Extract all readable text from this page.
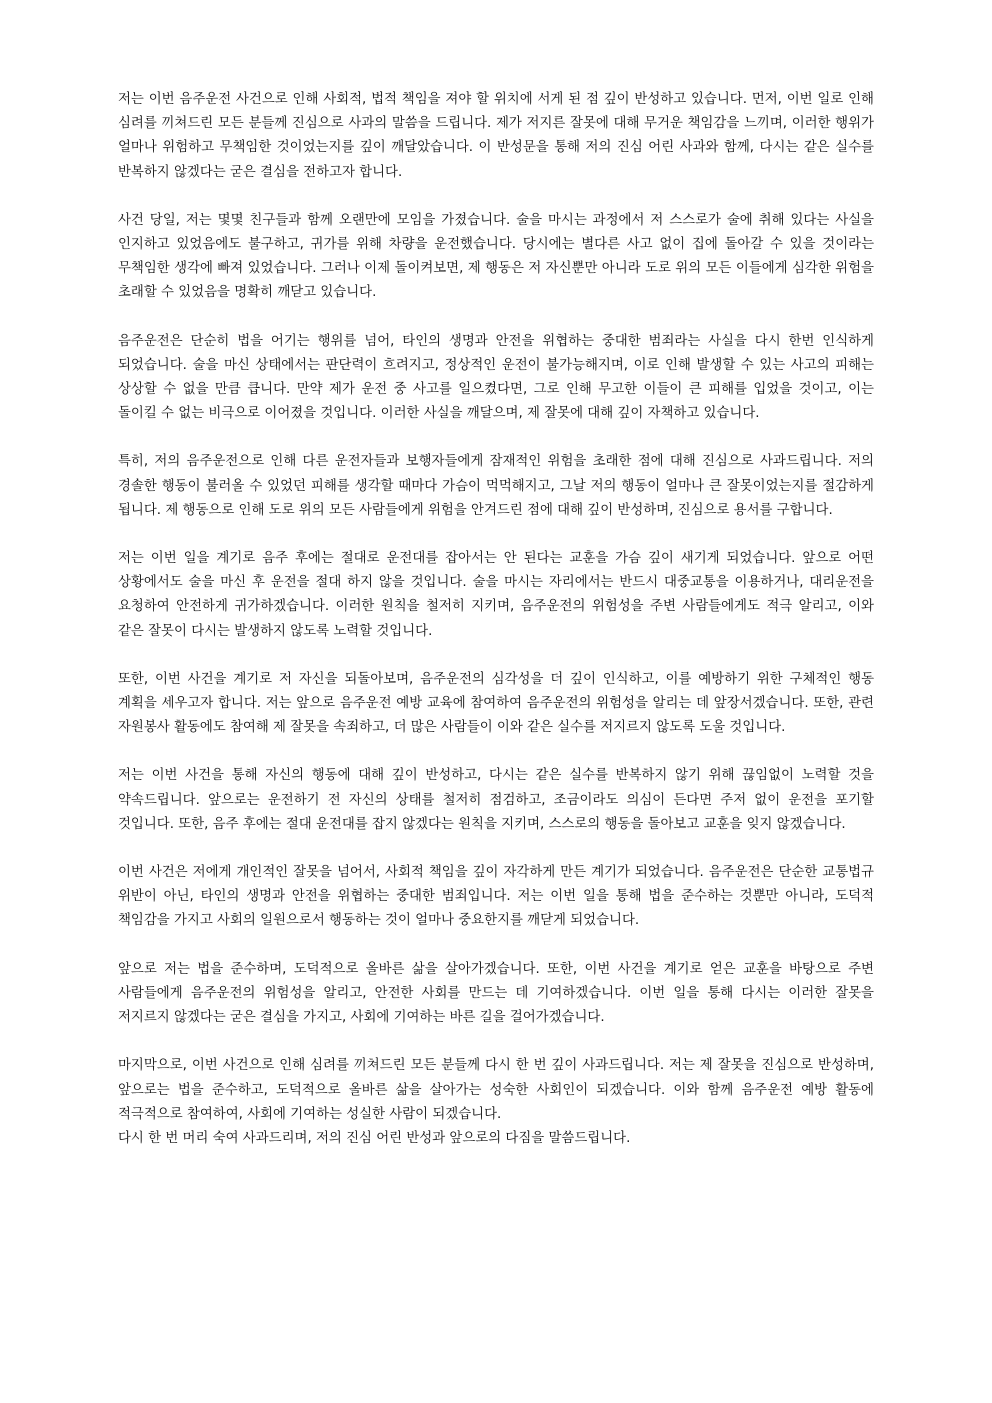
저는 이번 음주운전 사건으로 인해 사회적, 법적 책임을 져야 할 위치에 서게 된 점 깊이 반성하고 있습니다. 먼저, 이번 일로 인해 심려를 끼쳐드린 모든 분들께 진심으로 사과의 말씀을 드립니다. 제가 저지른 잘못에 대해 무거운 책임감을 느끼며, 이러한 행위가 얼마나 위험하고 무책임한 것이었는지를 깊이 깨달았습니다. 이 반성문을 통해 저의 진심 어린 사과와 함께, 다시는 같은 실수를 반복하지 않겠다는 굳은 결심을 전하고자 합니다.

사건 당일, 저는 몇몇 친구들과 함께 오랜만에 모임을 가졌습니다. 술을 마시는 과정에서 저 스스로가 술에 취해 있다는 사실을 인지하고 있었음에도 불구하고, 귀가를 위해 차량을 운전했습니다. 당시에는 별다른 사고 없이 집에 돌아갈 수 있을 것이라는 무책임한 생각에 빠져 있었습니다. 그러나 이제 돌이켜보면, 제 행동은 저 자신뿐만 아니라 도로 위의 모든 이들에게 심각한 위험을 초래할 수 있었음을 명확히 깨닫고 있습니다.

음주운전은 단순히 법을 어기는 행위를 넘어, 타인의 생명과 안전을 위협하는 중대한 범죄라는 사실을 다시 한번 인식하게 되었습니다. 술을 마신 상태에서는 판단력이 흐려지고, 정상적인 운전이 불가능해지며, 이로 인해 발생할 수 있는 사고의 피해는 상상할 수 없을 만큼 큽니다. 만약 제가 운전 중 사고를 일으켰다면, 그로 인해 무고한 이들이 큰 피해를 입었을 것이고, 이는 돌이킬 수 없는 비극으로 이어졌을 것입니다. 이러한 사실을 깨달으며, 제 잘못에 대해 깊이 자책하고 있습니다.

특히, 저의 음주운전으로 인해 다른 운전자들과 보행자들에게 잠재적인 위험을 초래한 점에 대해 진심으로 사과드립니다. 저의 경솔한 행동이 불러올 수 있었던 피해를 생각할 때마다 가슴이 먹먹해지고, 그날 저의 행동이 얼마나 큰 잘못이었는지를 절감하게 됩니다. 제 행동으로 인해 도로 위의 모든 사람들에게 위험을 안겨드린 점에 대해 깊이 반성하며, 진심으로 용서를 구합니다.

저는 이번 일을 계기로 음주 후에는 절대로 운전대를 잡아서는 안 된다는 교훈을 가슴 깊이 새기게 되었습니다. 앞으로 어떤 상황에서도 술을 마신 후 운전을 절대 하지 않을 것입니다. 술을 마시는 자리에서는 반드시 대중교통을 이용하거나, 대리운전을 요청하여 안전하게 귀가하겠습니다. 이러한 원칙을 철저히 지키며, 음주운전의 위험성을 주변 사람들에게도 적극 알리고, 이와 같은 잘못이 다시는 발생하지 않도록 노력할 것입니다.

또한, 이번 사건을 계기로 저 자신을 되돌아보며, 음주운전의 심각성을 더 깊이 인식하고, 이를 예방하기 위한 구체적인 행동 계획을 세우고자 합니다. 저는 앞으로 음주운전 예방 교육에 참여하여 음주운전의 위험성을 알리는 데 앞장서겠습니다. 또한, 관련 자원봉사 활동에도 참여해 제 잘못을 속죄하고, 더 많은 사람들이 이와 같은 실수를 저지르지 않도록 도울 것입니다.

저는 이번 사건을 통해 자신의 행동에 대해 깊이 반성하고, 다시는 같은 실수를 반복하지 않기 위해 끊임없이 노력할 것을 약속드립니다. 앞으로는 운전하기 전 자신의 상태를 철저히 점검하고, 조금이라도 의심이 든다면 주저 없이 운전을 포기할 것입니다. 또한, 음주 후에는 절대 운전대를 잡지 않겠다는 원칙을 지키며, 스스로의 행동을 돌아보고 교훈을 잊지 않겠습니다.

이번 사건은 저에게 개인적인 잘못을 넘어서, 사회적 책임을 깊이 자각하게 만든 계기가 되었습니다. 음주운전은 단순한 교통법규 위반이 아닌, 타인의 생명과 안전을 위협하는 중대한 범죄입니다. 저는 이번 일을 통해 법을 준수하는 것뿐만 아니라, 도덕적 책임감을 가지고 사회의 일원으로서 행동하는 것이 얼마나 중요한지를 깨닫게 되었습니다.

앞으로 저는 법을 준수하며, 도덕적으로 올바른 삶을 살아가겠습니다. 또한, 이번 사건을 계기로 얻은 교훈을 바탕으로 주변 사람들에게 음주운전의 위험성을 알리고, 안전한 사회를 만드는 데 기여하겠습니다. 이번 일을 통해 다시는 이러한 잘못을 저지르지 않겠다는 굳은 결심을 가지고, 사회에 기여하는 바른 길을 걸어가겠습니다.

마지막으로, 이번 사건으로 인해 심려를 끼쳐드린 모든 분들께 다시 한 번 깊이 사과드립니다. 저는 제 잘못을 진심으로 반성하며, 앞으로는 법을 준수하고, 도덕적으로 올바른 삶을 살아가는 성숙한 사회인이 되겠습니다. 이와 함께 음주운전 예방 활동에 적극적으로 참여하여, 사회에 기여하는 성실한 사람이 되겠습니다.

다시 한 번 머리 숙여 사과드리며, 저의 진심 어린 반성과 앞으로의 다짐을 말씀드립니다.
